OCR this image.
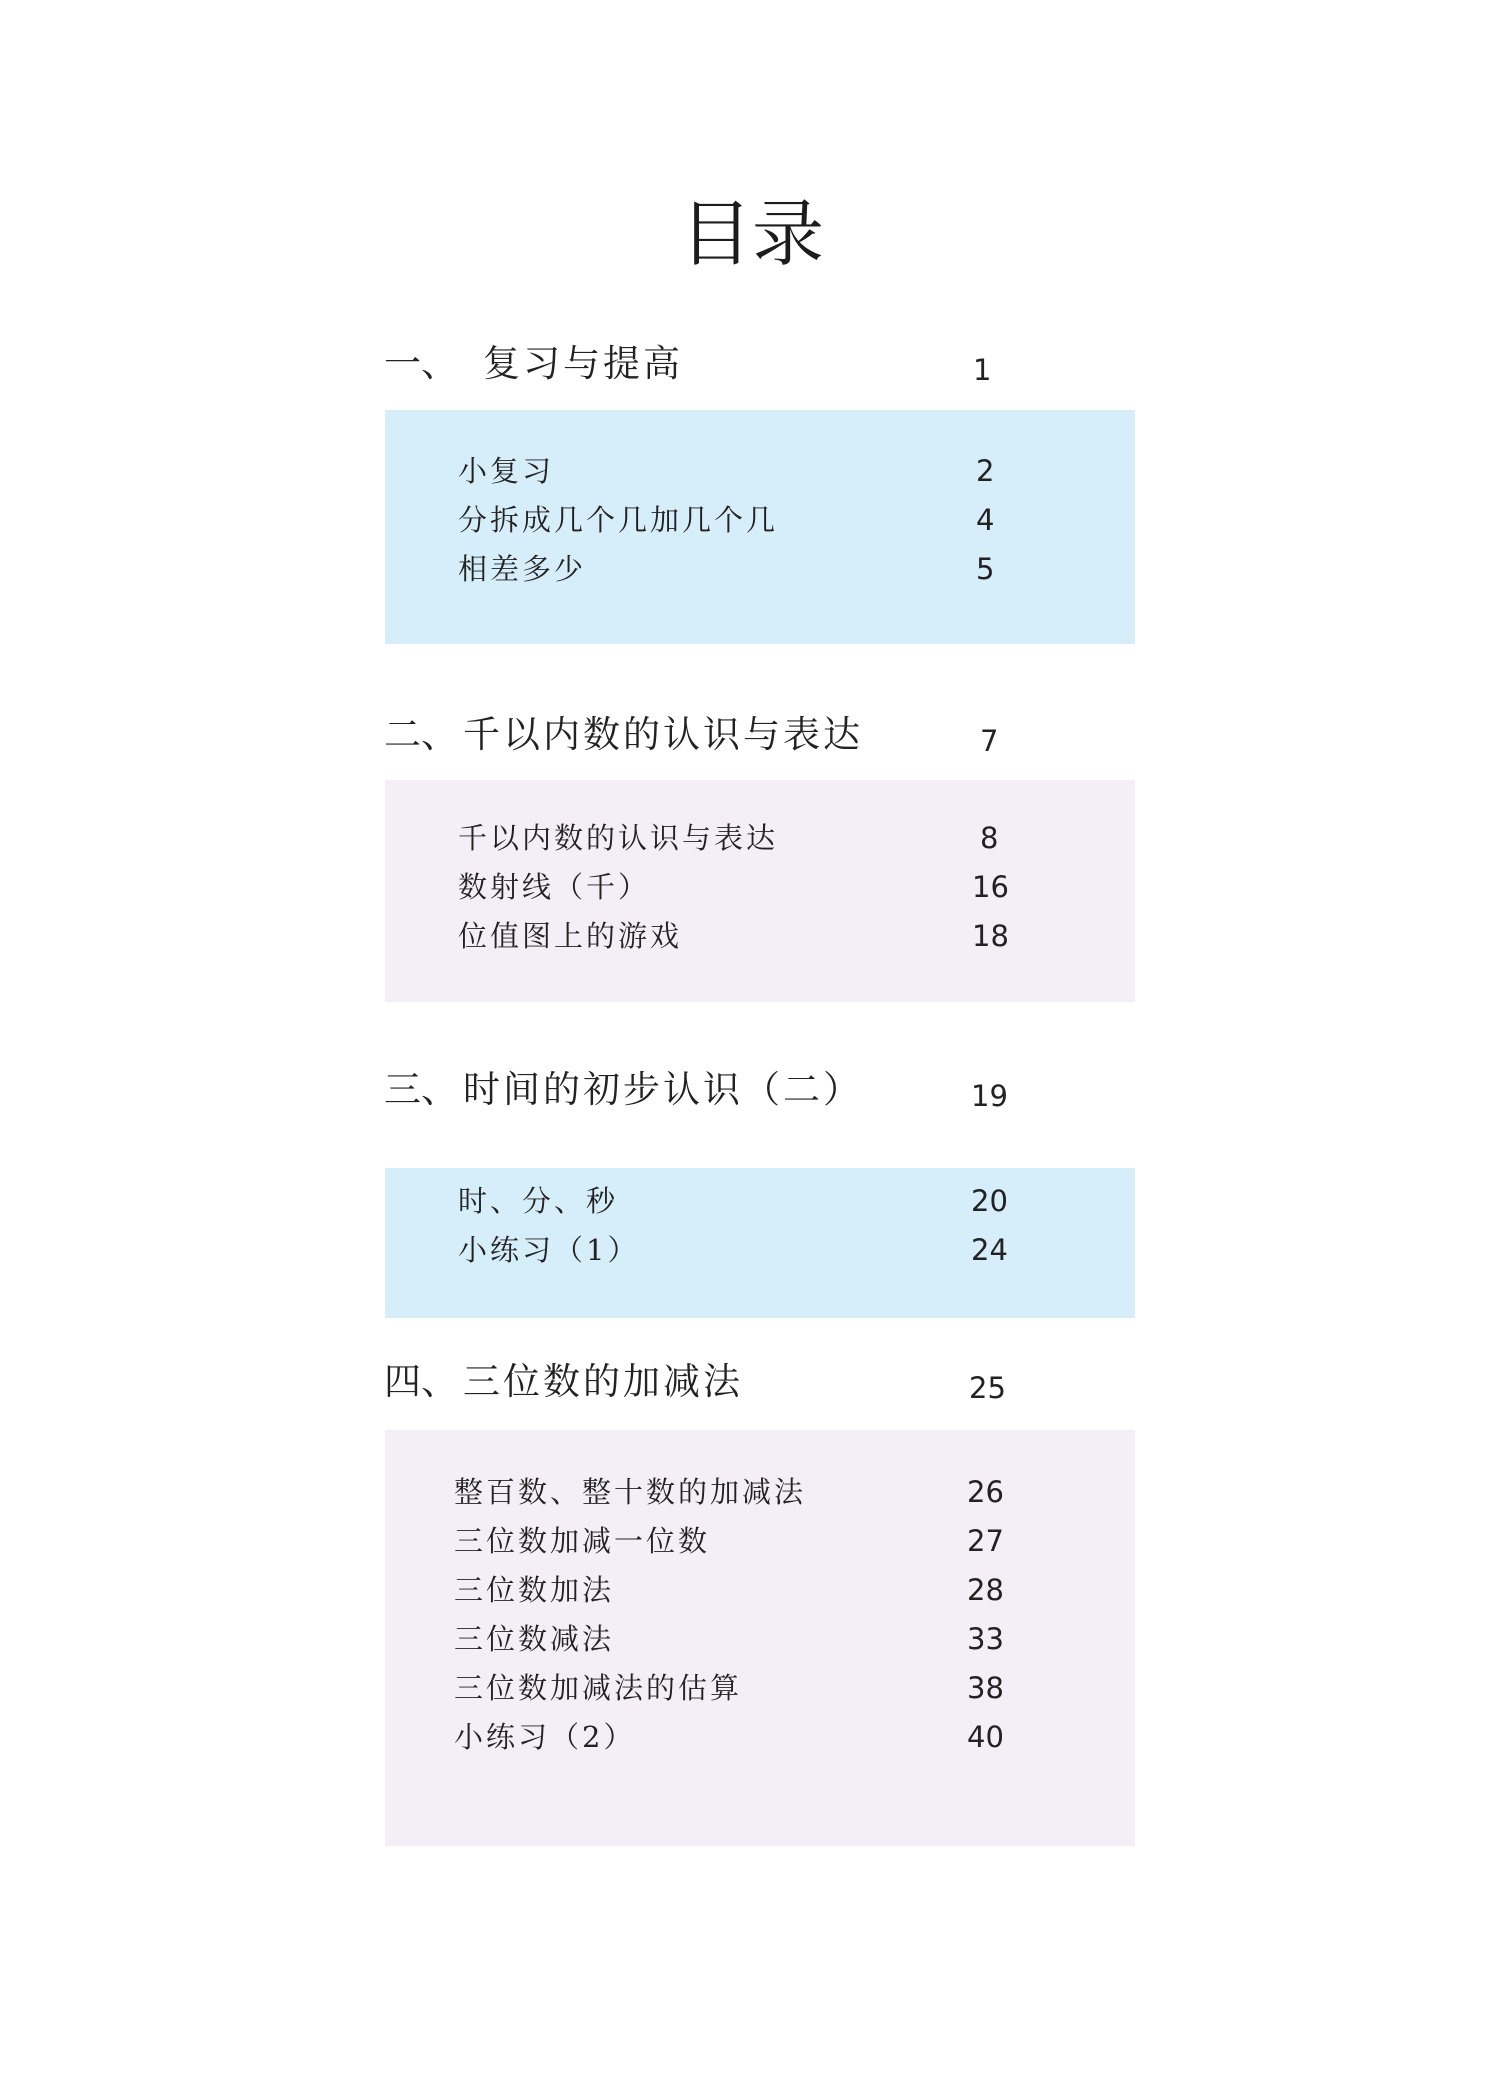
目录
一、 复习与提高	1
小复习	2
分拆成几个几加几个几	4
相差多少	5
二、 千以内数的认识与表达	7
千以内数的认识与表达	8
数射线（千）	16
位值图上的游戏	18
三、 时间的初步认识（二）	19
时、分、秒	20
小练习（1）	24
四、 三位数的加减法	25
整百数、整十数的加减法	26
三位数加减一位数	27
三位数加法	28
三位数减法	33
三位数加减法的估算	38
小练习（2）	40
